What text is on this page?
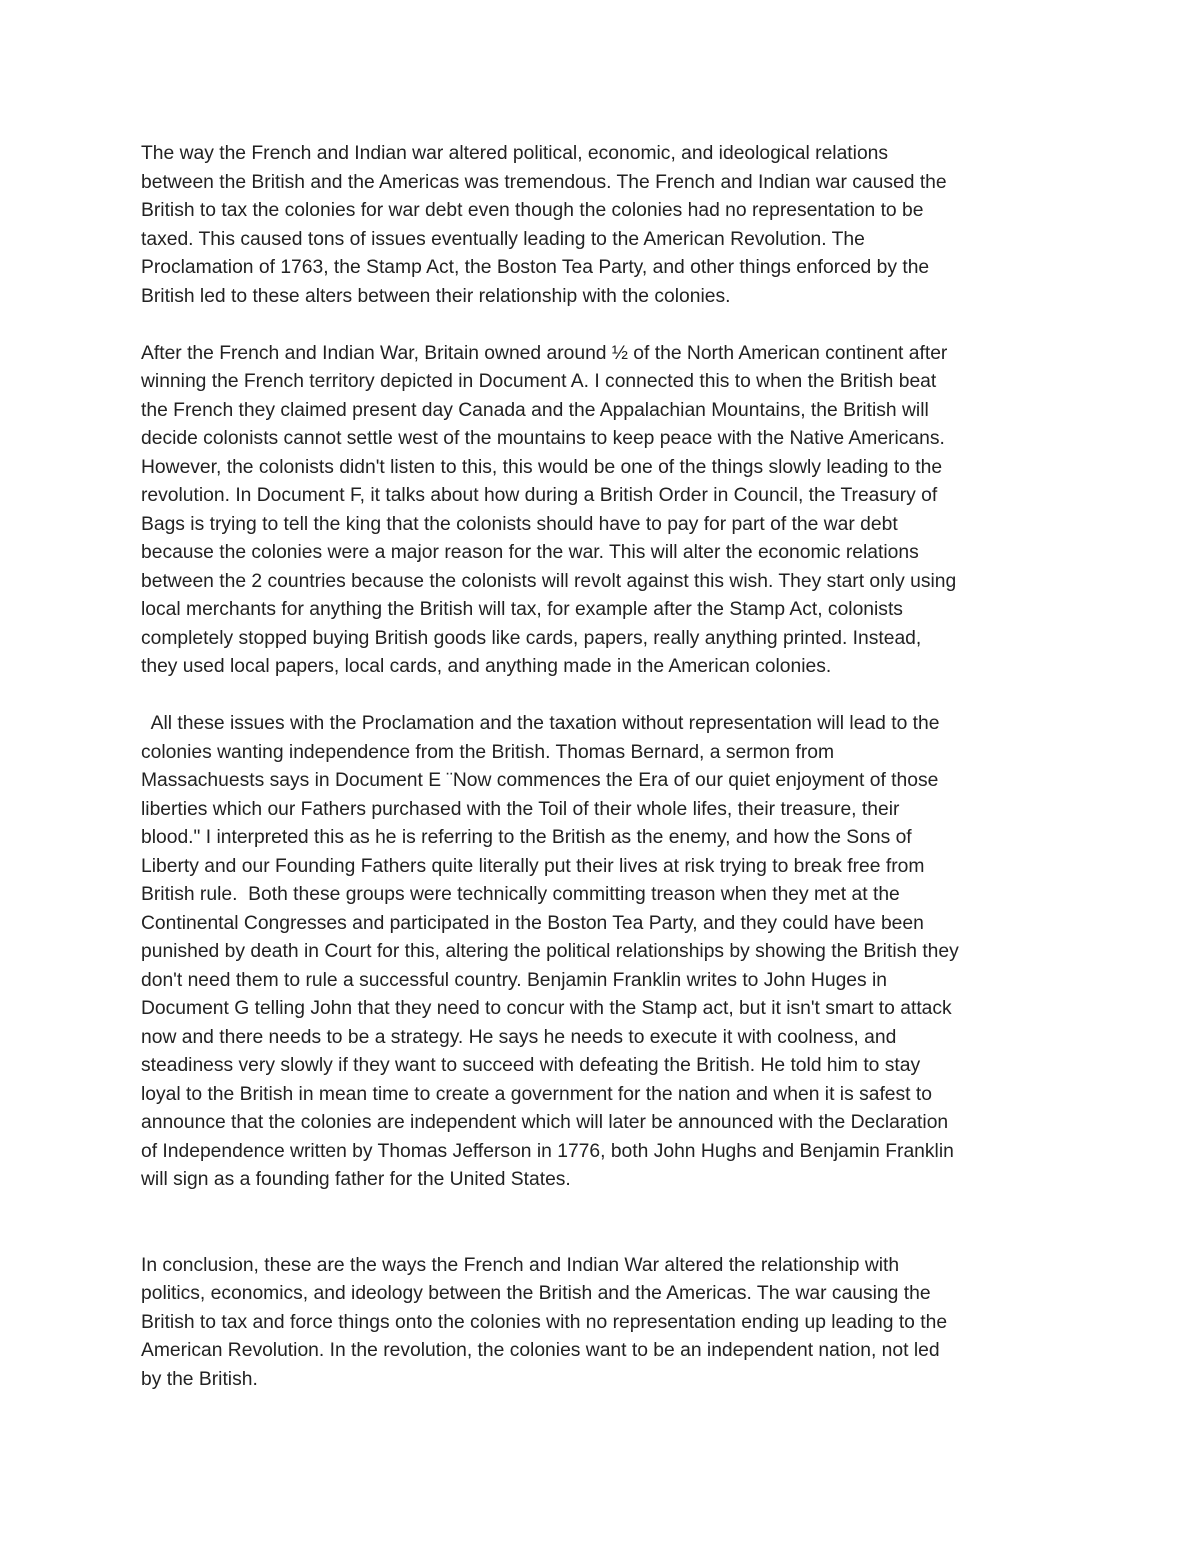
The way the French and Indian war altered political, economic, and ideological relations
between the British and the Americas was tremendous. The French and Indian war caused the
British to tax the colonies for war debt even though the colonies had no representation to be
taxed. This caused tons of issues eventually leading to the American Revolution. The
Proclamation of 1763, the Stamp Act, the Boston Tea Party, and other things enforced by the
British led to these alters between their relationship with the colonies.
After the French and Indian War, Britain owned around ½ of the North American continent after
winning the French territory depicted in Document A. I connected this to when the British beat
the French they claimed present day Canada and the Appalachian Mountains, the British will
decide colonists cannot settle west of the mountains to keep peace with the Native Americans.
However, the colonists didn't listen to this, this would be one of the things slowly leading to the
revolution. In Document F, it talks about how during a British Order in Council, the Treasury of
Bags is trying to tell the king that the colonists should have to pay for part of the war debt
because the colonies were a major reason for the war. This will alter the economic relations
between the 2 countries because the colonists will revolt against this wish. They start only using
local merchants for anything the British will tax, for example after the Stamp Act, colonists
completely stopped buying British goods like cards, papers, really anything printed. Instead,
they used local papers, local cards, and anything made in the American colonies.
All these issues with the Proclamation and the taxation without representation will lead to the
colonies wanting independence from the British. Thomas Bernard, a sermon from
Massachuests says in Document E ¨Now commences the Era of our quiet enjoyment of those
liberties which our Fathers purchased with the Toil of their whole lifes, their treasure, their
blood." I interpreted this as he is referring to the British as the enemy, and how the Sons of
Liberty and our Founding Fathers quite literally put their lives at risk trying to break free from
British rule.  Both these groups were technically committing treason when they met at the
Continental Congresses and participated in the Boston Tea Party, and they could have been
punished by death in Court for this, altering the political relationships by showing the British they
don't need them to rule a successful country. Benjamin Franklin writes to John Huges in
Document G telling John that they need to concur with the Stamp act, but it isn't smart to attack
now and there needs to be a strategy. He says he needs to execute it with coolness, and
steadiness very slowly if they want to succeed with defeating the British. He told him to stay
loyal to the British in mean time to create a government for the nation and when it is safest to
announce that the colonies are independent which will later be announced with the Declaration
of Independence written by Thomas Jefferson in 1776, both John Hughs and Benjamin Franklin
will sign as a founding father for the United States.
In conclusion, these are the ways the French and Indian War altered the relationship with
politics, economics, and ideology between the British and the Americas. The war causing the
British to tax and force things onto the colonies with no representation ending up leading to the
American Revolution. In the revolution, the colonies want to be an independent nation, not led
by the British.
